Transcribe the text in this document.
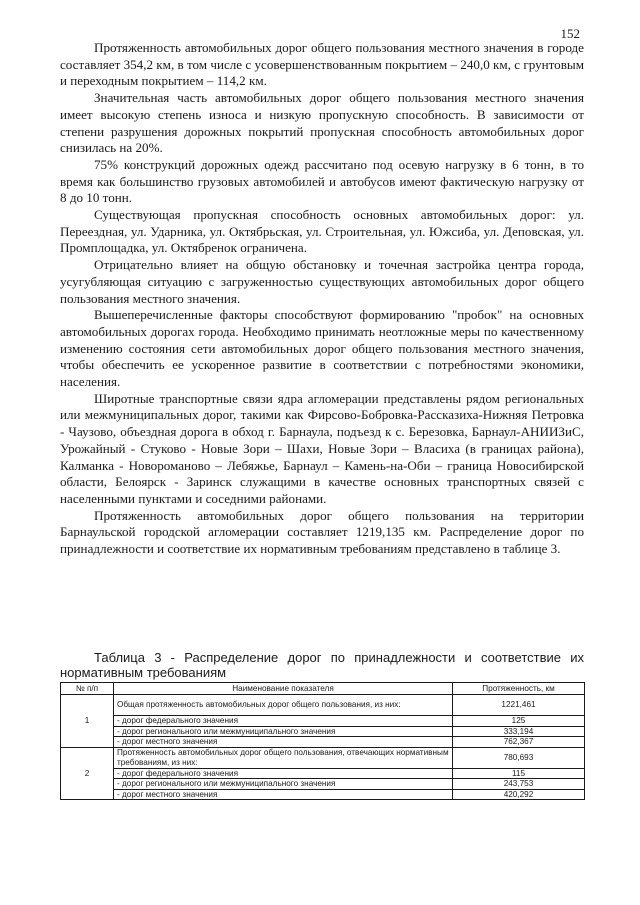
152

Протяженность автомобильных дорог общего пользования местного значения в городе составляет 354,2 км, в том числе с усовершенствованным покрытием – 240,0 км, с грунтовым и переходным покрытием – 114,2 км.

Значительная часть автомобильных дорог общего пользования местного значения имеет высокую степень износа и низкую пропускную способность. В зависимости от степени разрушения дорожных покрытий пропускная способность автомобильных дорог снизилась на 20%.

75% конструкций дорожных одежд рассчитано под осевую нагрузку в 6 тонн, в то время как большинство грузовых автомобилей и автобусов имеют фактическую нагрузку от 8 до 10 тонн.

Существующая пропускная способность основных автомобильных дорог: ул. Переездная, ул. Ударника, ул. Октябрьская, ул. Строительная, ул. Южсиба, ул. Деповская, ул. Промплощадка, ул. Октябренок ограничена.

Отрицательно влияет на общую обстановку и точечная застройка центра города, усугубляющая ситуацию с загруженностью существующих автомобильных дорог общего пользования местного значения.

Вышеперечисленные факторы способствуют формированию "пробок" на основных автомобильных дорогах города. Необходимо принимать неотложные меры по качественному изменению состояния сети автомобильных дорог общего пользования местного значения, чтобы обеспечить ее ускоренное развитие в соответствии с потребностями экономики, населения.

Широтные транспортные связи ядра агломерации представлены рядом региональных или межмуниципальных дорог, такими как Фирсово-Бобровка-Рассказиха-Нижняя Петровка - Чаузово, объездная дорога в обход г. Барнаула, подъезд к с. Березовка, Барнаул-АНИИЗиС, Урожайный - Стуково - Новые Зори – Шахи, Новые Зори – Власиха (в границах района), Калманка - Новороманово – Лебяжье, Барнаул – Камень-на-Оби – граница Новосибирской области, Белоярск - Заринск служащими в качестве основных транспортных связей с населенными пунктами и соседними районами.

Протяженность автомобильных дорог общего пользования на территории Барнаульской городской агломерации составляет 1219,135 км. Распределение дорог по принадлежности и соответствие их нормативным требованиям представлено в таблице 3.

Таблица 3 - Распределение дорог по принадлежности и соответствие их нормативным требованиям

№ п/п	Наименование показателя	Протяженность, км
1	Общая протяженность автомобильных дорог общего пользования, из них:	1221,461
	- дорог федерального значения	125
	- дорог регионального или межмуниципального значения	333,194
	- дорог местного значения	762,367
2	Протяженность автомобильных дорог общего пользования, отвечающих нормативным требованиям, из них:	780,693
	- дорог федерального значения	115
	- дорог регионального или межмуниципального значения	243,753
	- дорог местного значения	420,292
